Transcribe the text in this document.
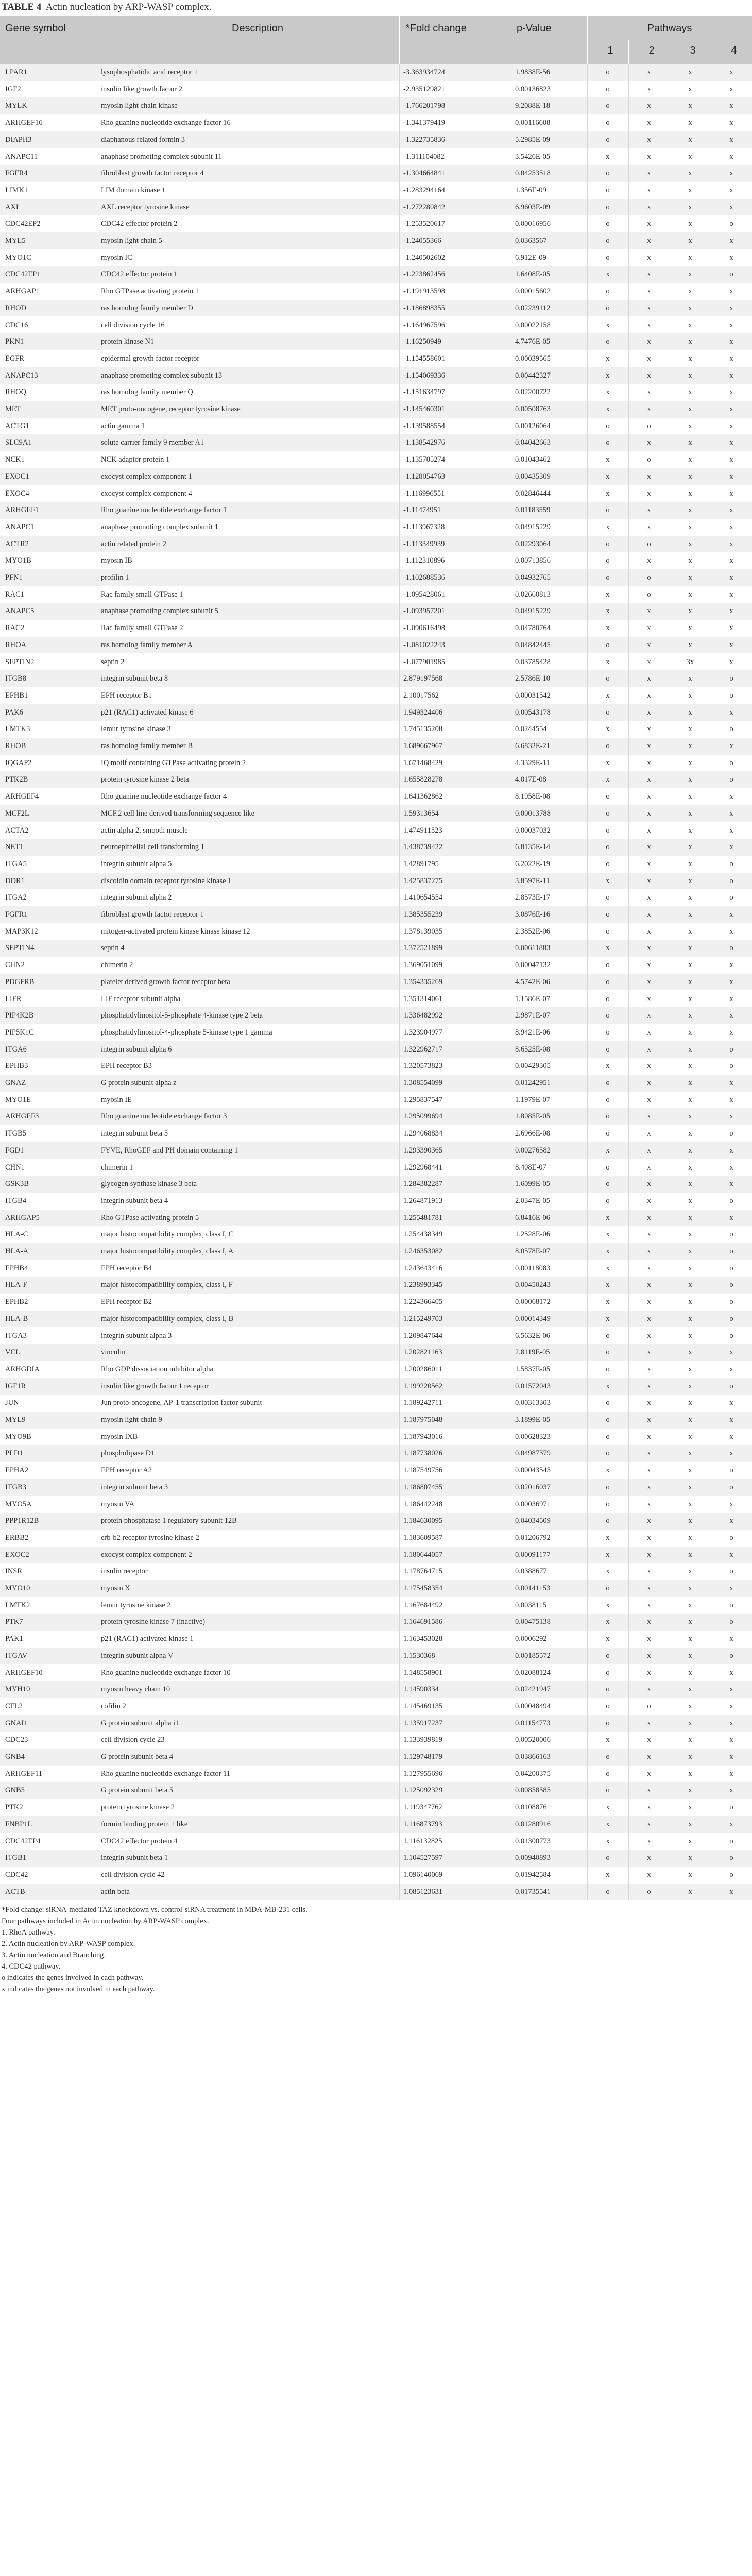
TABLE 4 Actin nucleation by ARP-WASP complex.
Gene symbol	Description	*Fold change	p-Value	Pathways
1	2	3	4
LPAR1	lysophosphatidic acid receptor 1	-3.363934724	1.9838E-56	o	x	x	x
IGF2	insulin like growth factor 2	-2.935129821	0.00136823	o	x	x	x
MYLK	myosin light chain kinase	-1.766201798	9.2088E-18	o	x	x	x
ARHGEF16	Rho guanine nucleotide exchange factor 16	-1.341379419	0.00116608	o	x	x	x
DIAPH3	diaphanous related formin 3	-1.322735836	5.2985E-09	o	x	x	x
ANAPC11	anaphase promoting complex subunit 11	-1.311104082	3.5426E-05	x	x	x	x
FGFR4	fibroblast growth factor receptor 4	-1.304664841	0.04253518	o	x	x	x
LIMK1	LIM domain kinase 1	-1.283294164	1.356E-09	o	x	x	x
AXL	AXL receptor tyrosine kinase	-1.272280842	6.9603E-09	o	x	x	x
CDC42EP2	CDC42 effector protein 2	-1.253520617	0.00016956	o	x	x	o
MYL5	myosin light chain 5	-1.24055366	0.0363567	o	x	x	x
MYO1C	myosin IC	-1.240502602	6.912E-09	o	x	x	x
CDC42EP1	CDC42 effector protein 1	-1.223862456	1.6408E-05	x	x	x	o
ARHGAP1	Rho GTPase activating protein 1	-1.191913598	0.00015602	o	x	x	x
RHOD	ras homolog family member D	-1.186898355	0.02239112	o	x	x	x
CDC16	cell division cycle 16	-1.164967596	0.00022158	x	x	x	x
PKN1	protein kinase N1	-1.16250949	4.7476E-05	o	x	x	x
EGFR	epidermal growth factor receptor	-1.154558601	0.00039565	x	x	x	x
ANAPC13	anaphase promoting complex subunit 13	-1.154069336	0.00442327	x	x	x	x
RHOQ	ras homolog family member Q	-1.151634797	0.02200722	x	x	x	x
MET	MET proto-oncogene, receptor tyrosine kinase	-1.145460301	0.00508763	x	x	x	x
ACTG1	actin gamma 1	-1.139588554	0.00126064	o	o	x	x
SLC9A1	solute carrier family 9 member A1	-1.138542976	0.04042663	o	x	x	x
NCK1	NCK adaptor protein 1	-1.135705274	0.01043462	x	o	x	x
EXOC1	exocyst complex component 1	-1.128054763	0.00435309	x	x	x	x
EXOC4	exocyst complex component 4	-1.116996551	0.02846444	x	x	x	x
ARHGEF1	Rho guanine nucleotide exchange factor 1	-1.11474951	0.01183559	o	x	x	x
ANAPC1	anaphase promoting complex subunit 1	-1.113967328	0.04915229	x	x	x	x
ACTR2	actin related protein 2	-1.113349939	0.02293064	o	o	x	x
MYO1B	myosin IB	-1.112310896	0.00713856	o	x	x	x
PFN1	profilin 1	-1.102688536	0.04932765	o	o	x	x
RAC1	Rac family small GTPase 1	-1.095428061	0.02660813	x	o	x	x
ANAPC5	anaphase promoting complex subunit 5	-1.093957201	0.04915229	x	x	x	x
RAC2	Rac family small GTPase 2	-1.090616498	0.04780764	x	x	x	x
RHOA	ras homolog family member A	-1.081022243	0.04842445	o	x	x	x
SEPTIN2	septin 2	-1.077901985	0.03785428	x	x	3x	x
ITGB8	integrin subunit beta 8	2.879197568	2.5786E-10	o	x	x	o
EPHB1	EPH receptor B1	2.10017562	0.00031542	x	x	x	o
PAK6	p21 (RAC1) activated kinase 6	1.949324406	0.00543178	o	x	x	x
LMTK3	lemur tyrosine kinase 3	1.745135208	0.0244554	x	x	x	o
RHOB	ras homolog family member B	1.689667967	6.6832E-21	o	x	x	x
IQGAP2	IQ motif containing GTPase activating protein 2	1.671468429	4.3329E-11	x	x	x	o
PTK2B	protein tyrosine kinase 2 beta	1.655828278	4.017E-08	x	x	x	o
ARHGEF4	Rho guanine nucleotide exchange factor 4	1.641362862	8.1958E-08	o	x	x	x
MCF2L	MCF.2 cell line derived transforming sequence like	1.59313654	0.00013788	o	x	x	x
ACTA2	actin alpha 2, smooth muscle	1.474911523	0.00037032	o	x	x	x
NET1	neuroepithelial cell transforming 1	1.438739422	6.8135E-14	o	x	x	x
ITGA5	integrin subunit alpha 5	1.42891795	6.2022E-19	o	x	x	o
DDR1	discoidin domain receptor tyrosine kinase 1	1.425837275	3.8597E-11	x	x	x	o
ITGA2	integrin subunit alpha 2	1.410654554	2.8573E-17	o	x	x	o
FGFR1	fibroblast growth factor receptor 1	1.385355239	3.0876E-16	o	x	x	x
MAP3K12	mitogen-activated protein kinase kinase kinase 12	1.378139035	2.3852E-06	o	x	x	x
SEPTIN4	septin 4	1.372521899	0.00611883	x	x	x	o
CHN2	chimerin 2	1.369051099	0.00047132	o	x	x	x
PDGFRB	platelet derived growth factor receptor beta	1.354335269	4.5742E-06	o	x	x	x
LIFR	LIF receptor subunit alpha	1.351314061	1.1586E-07	o	x	x	x
PIP4K2B	phosphatidylinositol-5-phosphate 4-kinase type 2 beta	1.336482992	2.9871E-07	o	x	x	x
PIP5K1C	phosphatidylinositol-4-phosphate 5-kinase type 1 gamma	1.323904977	8.9421E-06	o	x	x	x
ITGA6	integrin subunit alpha 6	1.322962717	8.6525E-08	o	x	x	o
EPHB3	EPH receptor B3	1.320573823	0.00429305	x	x	x	o
GNAZ	G protein subunit alpha z	1.308554099	0.01242951	o	x	x	x
MYO1E	myosin IE	1.295837547	1.1979E-07	o	x	x	x
ARHGEF3	Rho guanine nucleotide exchange factor 3	1.295099694	1.8085E-05	o	x	x	x
ITGB5	integrin subunit beta 5	1.294068834	2.6966E-08	o	x	x	o
FGD1	FYVE, RhoGEF and PH domain containing 1	1.293390365	0.00276582	x	x	x	x
CHN1	chimerin 1	1.292968441	8.408E-07	o	x	x	x
GSK3B	glycogen synthase kinase 3 beta	1.284382287	1.6099E-05	o	x	x	x
ITGB4	integrin subunit beta 4	1.264871913	2.0347E-05	o	x	x	o
ARHGAP5	Rho GTPase activating protein 5	1.255481781	6.8416E-06	x	x	x	x
HLA-C	major histocompatibility complex, class I, C	1.254438349	1.2528E-06	x	x	x	o
HLA-A	major histocompatibility complex, class I, A	1.246353082	8.0578E-07	x	x	x	o
EPHB4	EPH receptor B4	1.243643416	0.00118083	x	x	x	o
HLA-F	major histocompatibility complex, class I, F	1.238993345	0.00450243	x	x	x	o
EPHB2	EPH receptor B2	1.224366405	0.00068172	x	x	x	o
HLA-B	major histocompatibility complex, class I, B	1.215249703	0.00014349	x	x	x	o
ITGA3	integrin subunit alpha 3	1.209847644	6.5632E-06	o	x	x	o
VCL	vinculin	1.202821163	2.8119E-05	o	x	x	x
ARHGDIA	Rho GDP dissociation inhibitor alpha	1.200286011	1.5837E-05	o	x	x	x
IGF1R	insulin like growth factor 1 receptor	1.199220562	0.01572043	x	x	x	o
JUN	Jun proto-oncogene, AP-1 transcription factor subunit	1.189242711	0.00313303	o	x	x	x
MYL9	myosin light chain 9	1.187975048	3.1899E-05	o	x	x	x
MYO9B	myosin IXB	1.187943016	0.00628323	o	x	x	x
PLD1	phospholipase D1	1.187738026	0.04987579	o	x	x	x
EPHA2	EPH receptor A2	1.187549756	0.00043545	x	x	x	o
ITGB3	integrin subunit beta 3	1.186807455	0.02016037	o	x	x	o
MYO5A	myosin VA	1.186442248	0.00036971	o	x	x	x
PPP1R12B	protein phosphatase 1 regulatory subunit 12B	1.184630095	0.04034509	o	x	x	x
ERBB2	erb-b2 receptor tyrosine kinase 2	1.183609587	0.01206792	x	x	x	o
EXOC2	exocyst complex component 2	1.180644057	0.00091177	x	x	x	x
INSR	insulin receptor	1.178764715	0.0388677	x	x	x	o
MYO10	myosin X	1.175458354	0.00141153	o	x	x	x
LMTK2	lemur tyrosine kinase 2	1.167684492	0.0038115	x	x	x	o
PTK7	protein tyrosine kinase 7 (inactive)	1.164691586	0.00475138	x	x	x	o
PAK1	p21 (RAC1) activated kinase 1	1.163453028	0.0006292	x	x	x	x
ITGAV	integrin subunit alpha V	1.1530368	0.00185572	o	x	x	o
ARHGEF10	Rho guanine nucleotide exchange factor 10	1.148558901	0.02088124	o	x	x	x
MYH10	myosin heavy chain 10	1.14590334	0.02421947	o	x	x	x
CFL2	cofilin 2	1.145469135	0.00048494	o	o	x	x
GNAI1	G protein subunit alpha i1	1.135917237	0.01154773	o	x	x	x
CDC23	cell division cycle 23	1.133939819	0.00520006	x	x	x	x
GNB4	G protein subunit beta 4	1.129748179	0.03866163	o	x	x	x
ARHGEF11	Rho guanine nucleotide exchange factor 11	1.127955696	0.04200375	o	x	x	x
GNB5	G protein subunit beta 5	1.125092329	0.00858585	o	x	x	x
PTK2	protein tyrosine kinase 2	1.119347762	0.0108876	x	x	x	o
FNBP1L	formin binding protein 1 like	1.116873793	0.01280916	x	x	x	x
CDC42EP4	CDC42 effector protein 4	1.116132825	0.01300773	x	x	x	o
ITGB1	integrin subunit beta 1	1.104527597	0.00940893	o	x	x	o
CDC42	cell division cycle 42	1.096140069	0.01942584	x	x	x	o
ACTB	actin beta	1.085123631	0.01735541	o	o	x	x
*Fold change: siRNA-mediated TAZ knockdown vs. control-siRNA treatment in MDA-MB-231 cells.
Four pathways included in Actin nucleation by ARP-WASP complex.
1. RhoA pathway.
2. Actin nucleation by ARP-WASP complex.
3. Actin nucleation and Branching.
4. CDC42 pathway.
o indicates the genes involved in each pathway.
x indicates the genes not involved in each pathway.
